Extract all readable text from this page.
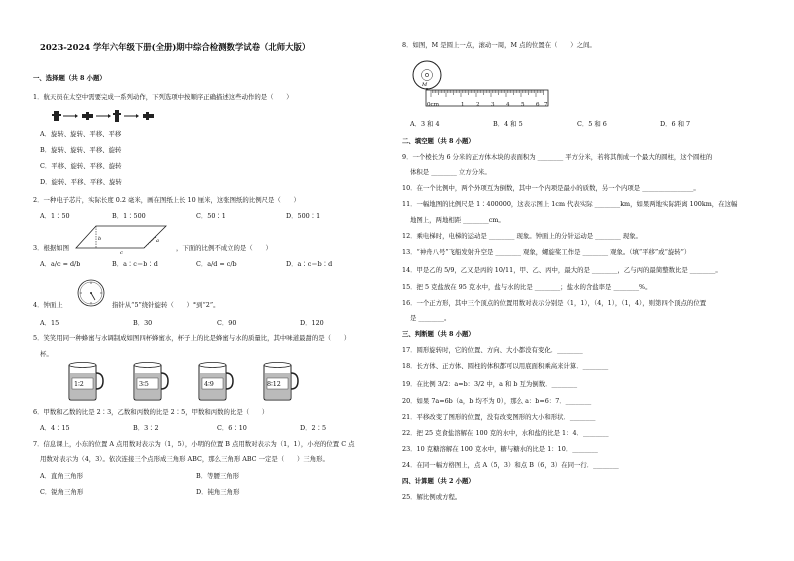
2023-2024 学年六年级下册(全册)期中综合检测数学试卷（北师大版）
一、选择题（共 8 小题）
1．航天员在太空中需要完成一系列动作，下列选项中按顺序正确描述这些动作的是（　　）
A．旋转、旋转、平移、平移
B．旋转、旋转、平移、旋转
C．平移、旋转、平移、旋转
D．旋转、平移、平移、旋转
2．一种电子芯片，实际长度 0.2 毫米，画在图纸上长 10 厘米，这张图纸的比例尺是（　　）
A．1∶50	B．1∶500	C．50∶1	D．500∶1
3．根据如图
b
c
a
，下面的比例不成立的是（　　）
A．a/c = d/b	B．a∶c＝b∶d	C．a/d = c/b	D．a∶c＝b∶d
4．钟面上	指针从“5”绕针旋转（　　）°到“2”。
A．15	B．30	C．90	D．120
5．笑笑用同一种蜂蜜与水调制成如图四杯蜂蜜水，杯子上的比是蜂蜜与水的质量比，其中味道最甜的是（　　）
杯。
1∶2	3∶5	4∶9	8∶12
6．甲数和乙数的比是 2∶3，乙数和丙数的比是 2∶5，甲数和丙数的比是（　　）
A．4∶15	B．3∶2	C．6∶10	D．2∶5
7．信息课上，小东的位置 A 点用数对表示为（1，5），小明的位置 B 点用数对表示为（1，1），小亮的位置 C 点
用数对表示为（4，3）。依次连接三个点形成三角形 ABC，那么三角形 ABC 一定是（　　）三角形。
A．直角三角形	B．等腰三角形
C．锐角三角形	D．钝角三角形
8．如图，M 是圆上一点，滚动一周，M 点的位置在（　　）之间。
M
0cm	1 2 3 4 5 6 7
A．3 和 4	B．4 和 5	C．5 和 6	D．6 和 7
二、填空题（共 8 小题）
9．一个棱长为 6 分米的正方体木块的表面积为 ________ 平方分米，若将其削成一个最大的圆柱，这个圆柱的
体积是 ________ 立方分米。
10．在一个比例中，两个外项互为倒数，其中一个内项是最小的质数，另一个内项是 ________________。
11．一幅地图的比例尺是 1∶400000，这表示图上 1cm 代表实际 ________km，如果两地实际距离 100km，在这幅
地图上，两地相距 ________cm。
12．乘电梯时，电梯的运动是 ________ 现象。钟面上的分针运动是 ________ 现象。
13．“神舟八号”飞船发射升空是 ________ 观象，螺旋桨工作是 ________ 观象。（填“平移”或“旋转”）
14．甲是乙的 5/9，乙又是丙的 10/11，甲、乙、丙中，最大的是 ________，乙与丙的最简整数比是 ________。
15．把 5 克盐放在 95 克水中，盐与水的比是 ________；盐水的含盐率是 ________%。
16．一个正方形，其中三个顶点的位置用数对表示分别是（1，1），（4，1），（1，4），则第四个顶点的位置
是 ________。
三、判断题（共 8 小题）
17．圆形旋转时，它的位置、方向、大小都没有变化．________
18．长方体、正方体、圆柱的体积都可以用底面积乘高来计算．________
19．在比例 3/2：a=b：3/2 中，a 和 b 互为倒数．________
20．如果 7a=6b（a，b 均不为 0），那么 a：b=6：7．________
21．平移改变了图形的位置，没有改变图形的大小和形状．________
22．把 25 克食盐溶解在 100 克的水中，水和盐的比是 1：4．________
23．10 克糖溶解在 100 克水中，糖与糖水的比是 1：10．________
24．在同一幅方格图上，点 A（5，3）和点 B（6，3）在同一行．________
四、计算题（共 2 小题）
25．解比例或方程。
